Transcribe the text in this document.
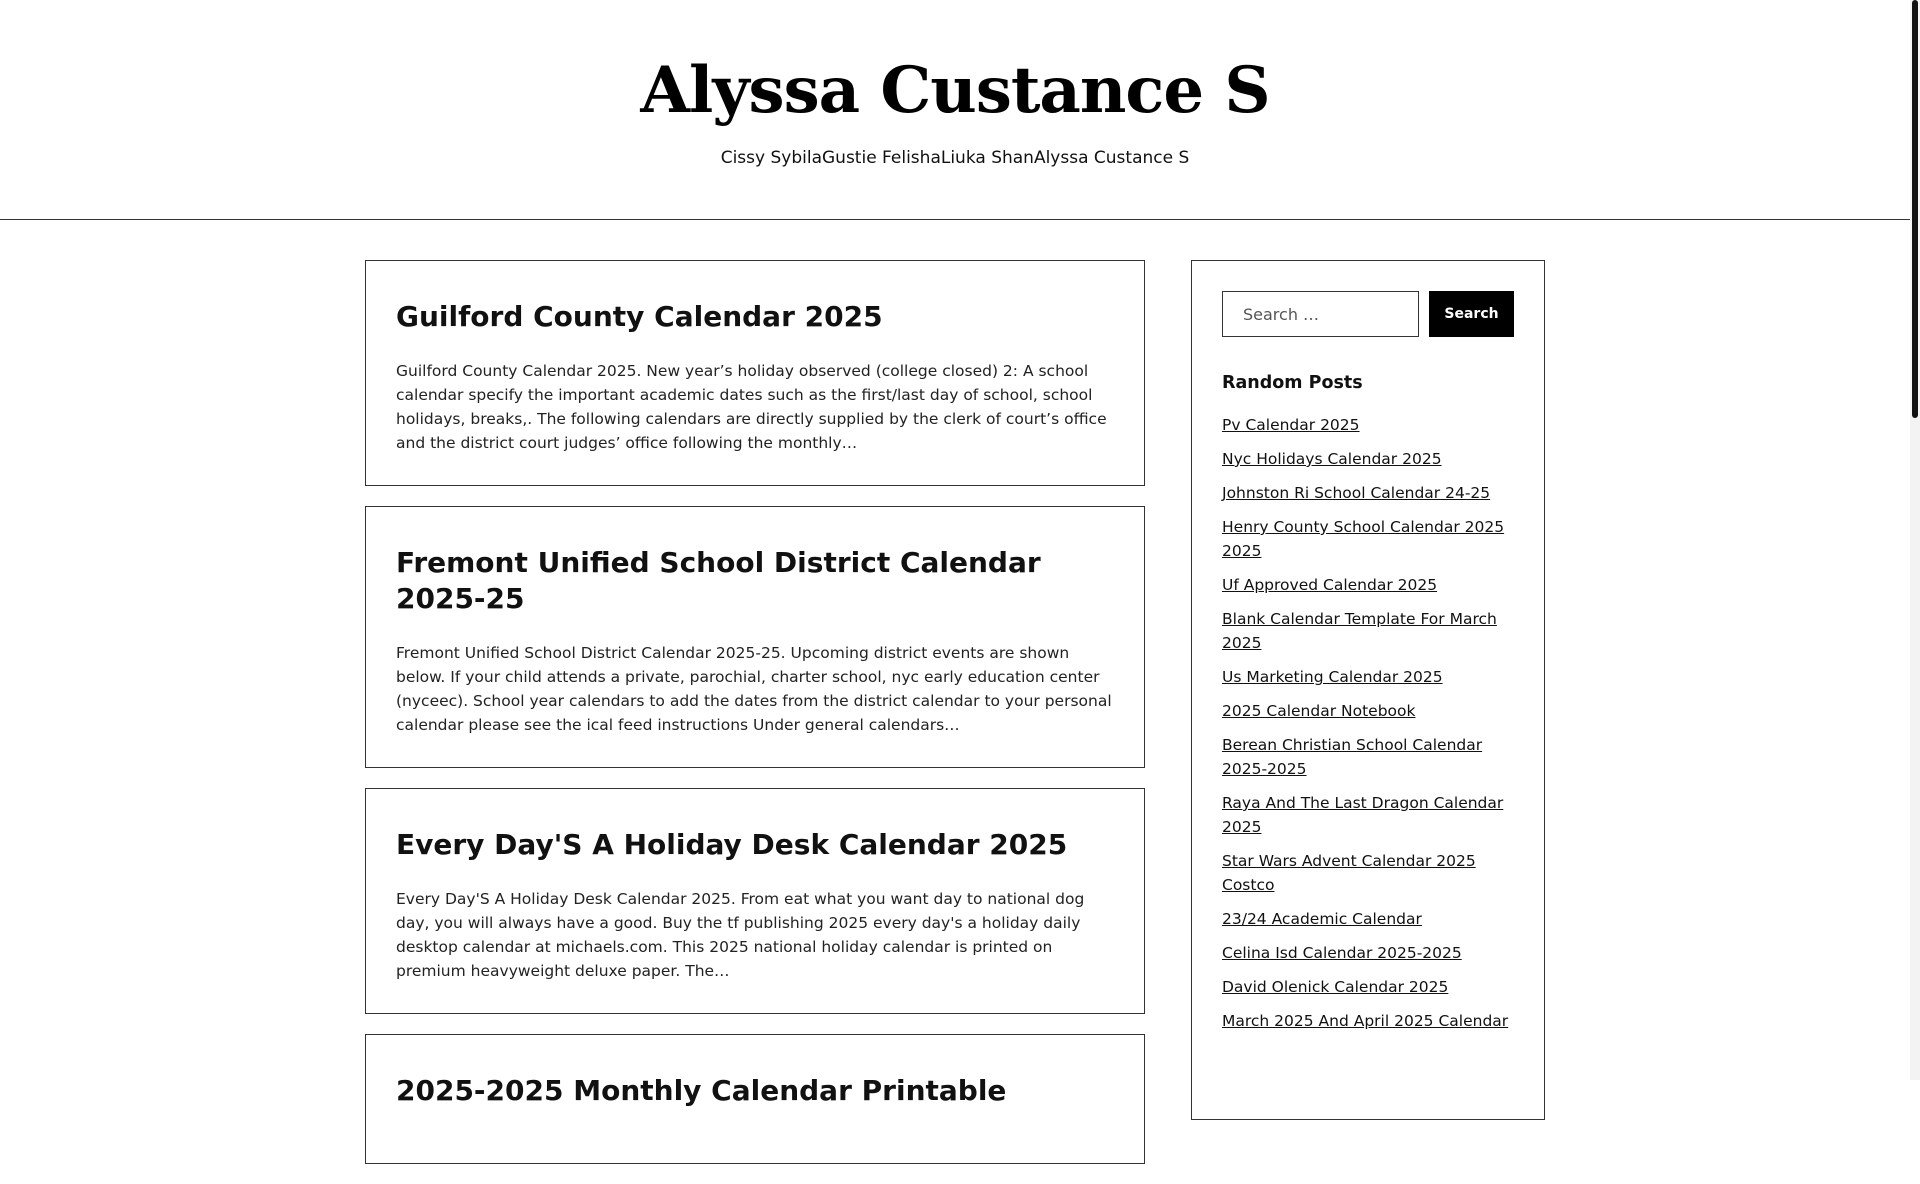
Alyssa Custance S
Cissy SybilaGustie FelishaLiuka ShanAlyssa Custance S
Guilford County Calendar 2025

Guilford County Calendar 2025. New year’s holiday observed (college closed) 2: A school calendar specify the important academic dates such as the first/last day of school, school holidays, breaks,. The following calendars are directly supplied by the clerk of court’s office and the district court judges’ office following the monthly…

Fremont Unified School District Calendar 2025-25

Fremont Unified School District Calendar 2025-25. Upcoming district events are shown below. If your child attends a private, parochial, charter school, nyc early education center (nyceec). School year calendars to add the dates from the district calendar to your personal calendar please see the ical feed instructions Under general calendars…

Every Day'S A Holiday Desk Calendar 2025

Every Day'S A Holiday Desk Calendar 2025. From eat what you want day to national dog day, you will always have a good. Buy the tf publishing 2025 every day's a holiday daily desktop calendar at michaels.com. This 2025 national holiday calendar is printed on premium heavyweight deluxe paper. The…

2025-2025 Monthly Calendar Printable

Search …
Search
Random Posts
Pv Calendar 2025
Nyc Holidays Calendar 2025
Johnston Ri School Calendar 24-25
Henry County School Calendar 2025 2025
Uf Approved Calendar 2025
Blank Calendar Template For March 2025
Us Marketing Calendar 2025
2025 Calendar Notebook
Berean Christian School Calendar 2025-2025
Raya And The Last Dragon Calendar 2025
Star Wars Advent Calendar 2025 Costco
23/24 Academic Calendar
Celina Isd Calendar 2025-2025
David Olenick Calendar 2025
March 2025 And April 2025 Calendar
